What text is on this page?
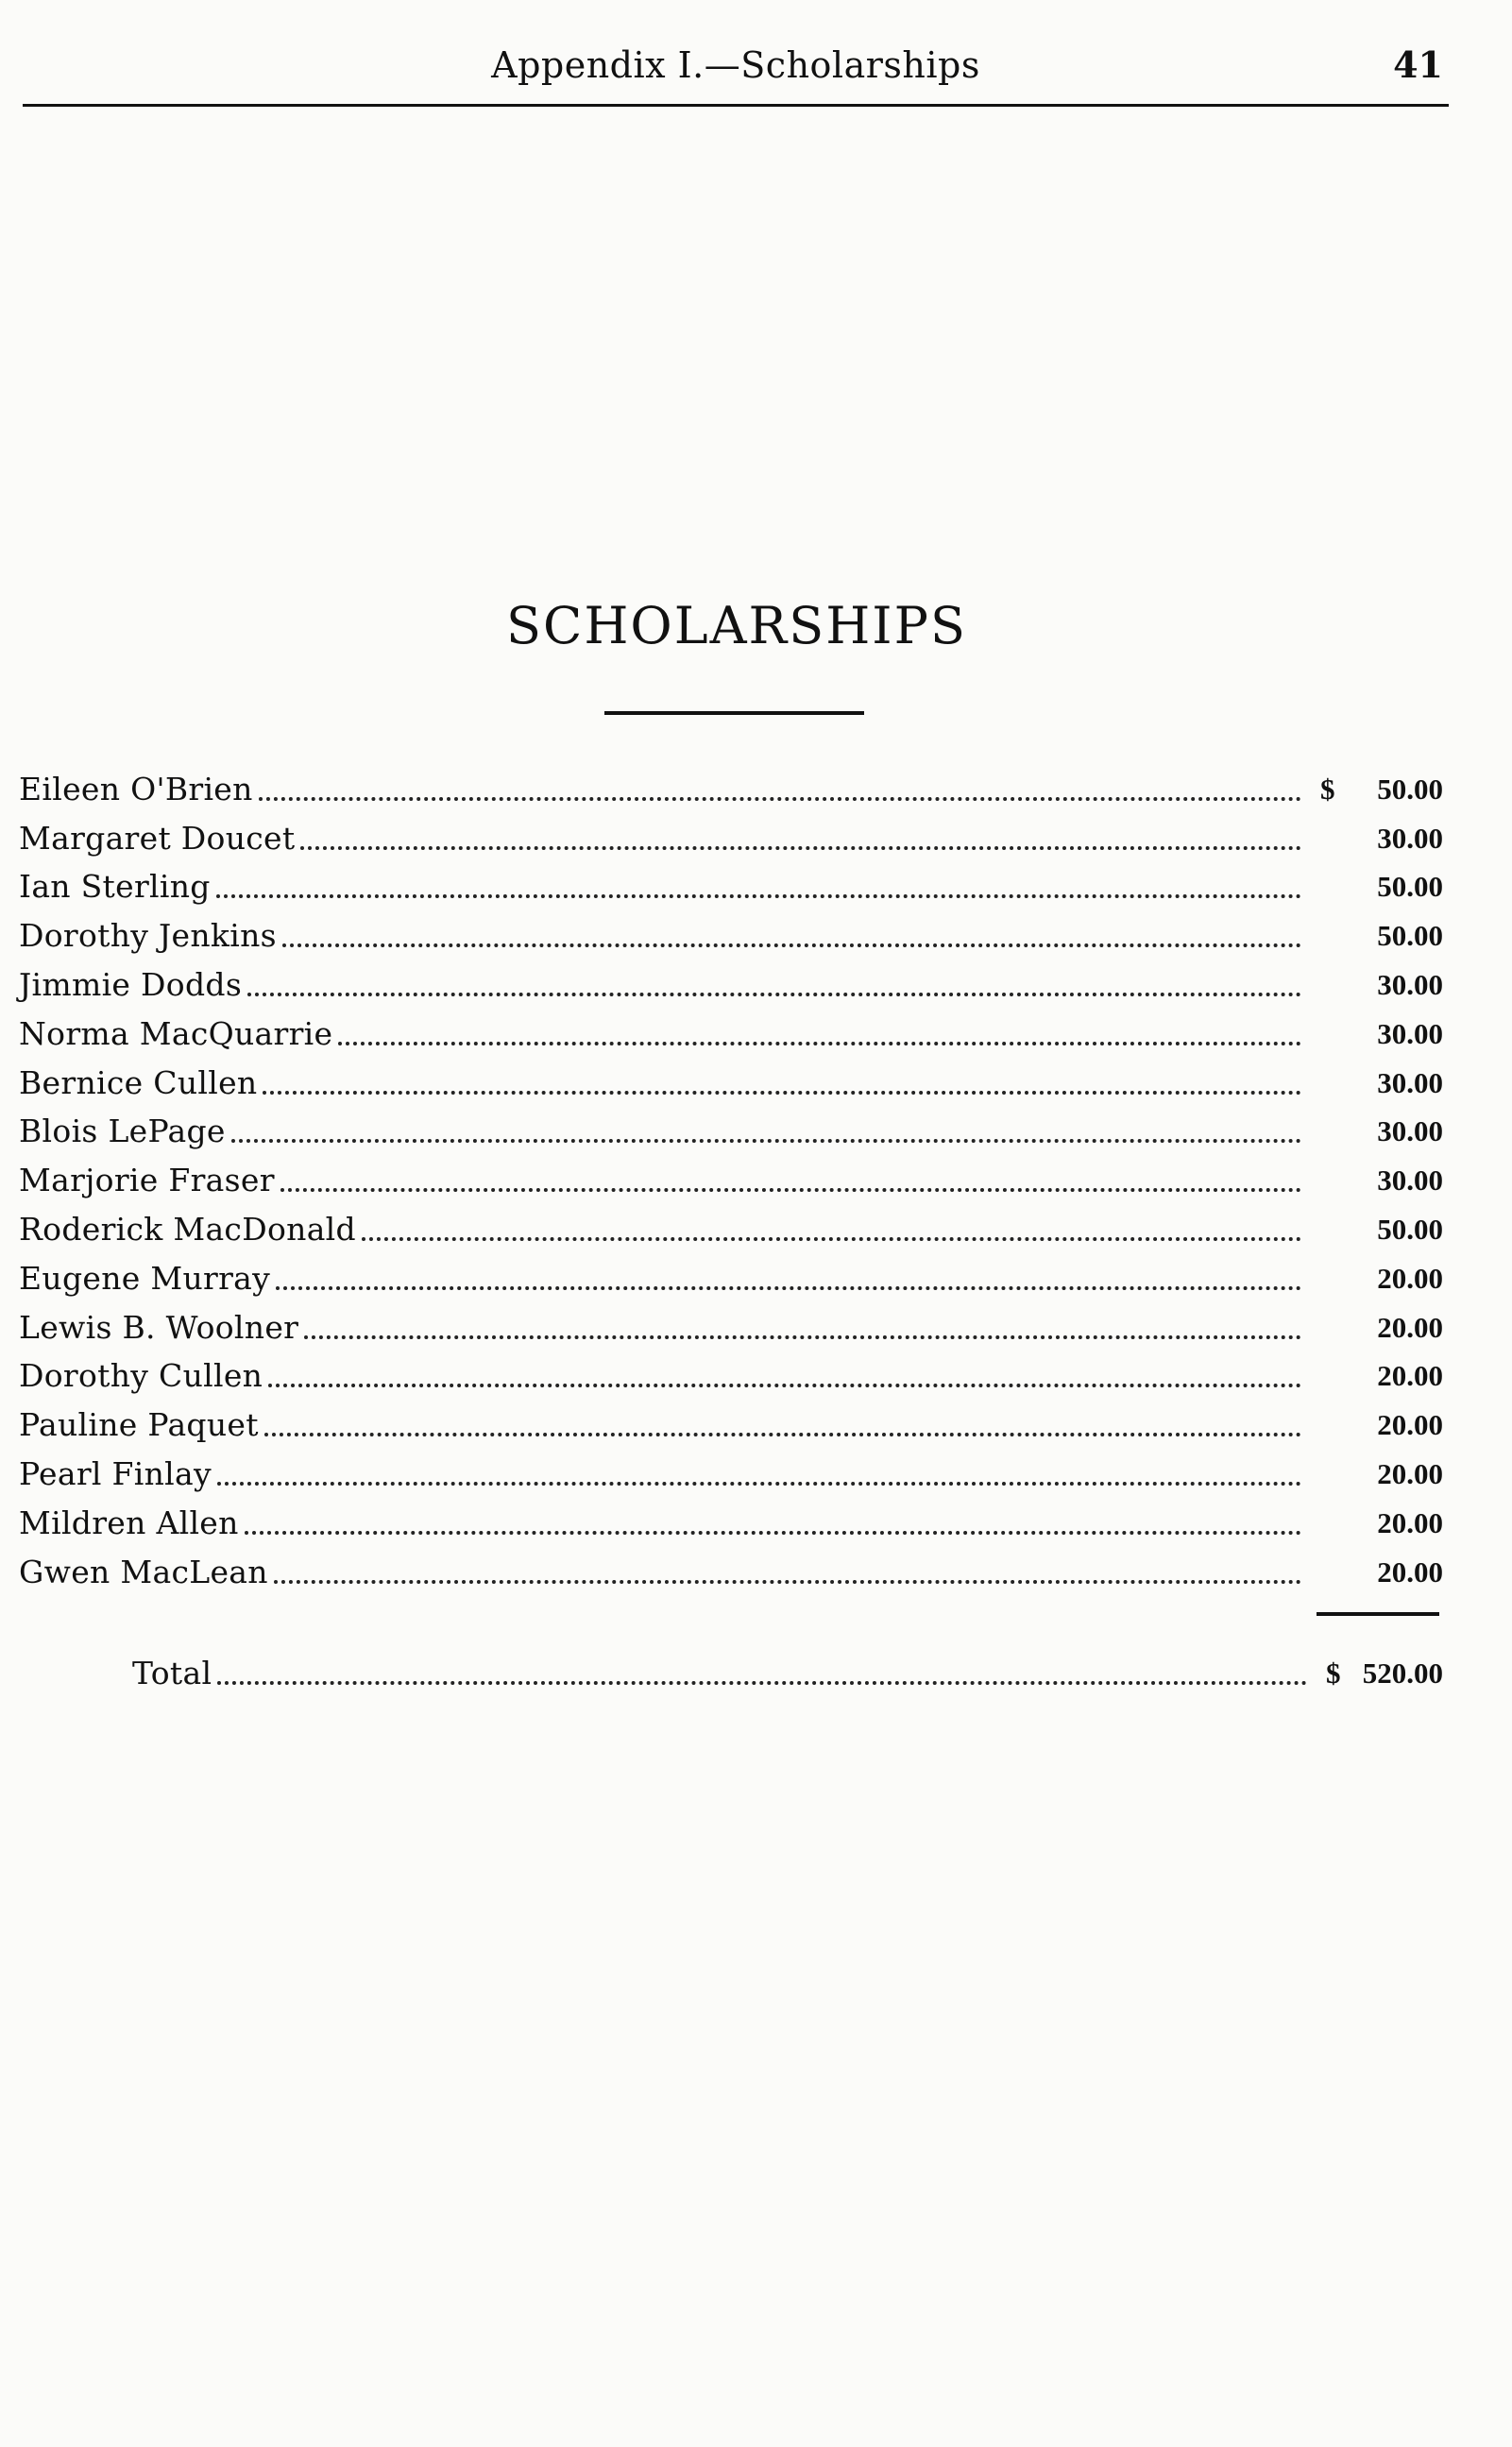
Appendix I.—Scholarships	41
SCHOLARSHIPS
Eileen O'Brien	$ 50.00
Margaret Doucet	30.00
Ian Sterling	50.00
Dorothy Jenkins	50.00
Jimmie Dodds	30.00
Norma MacQuarrie	30.00
Bernice Cullen	30.00
Blois LePage	30.00
Marjorie Fraser	30.00
Roderick MacDonald	50.00
Eugene Murray	20.00
Lewis B. Woolner	20.00
Dorothy Cullen	20.00
Pauline Paquet	20.00
Pearl Finlay	20.00
Mildren Allen	20.00
Gwen MacLean	20.00
Total	$ 520.00
